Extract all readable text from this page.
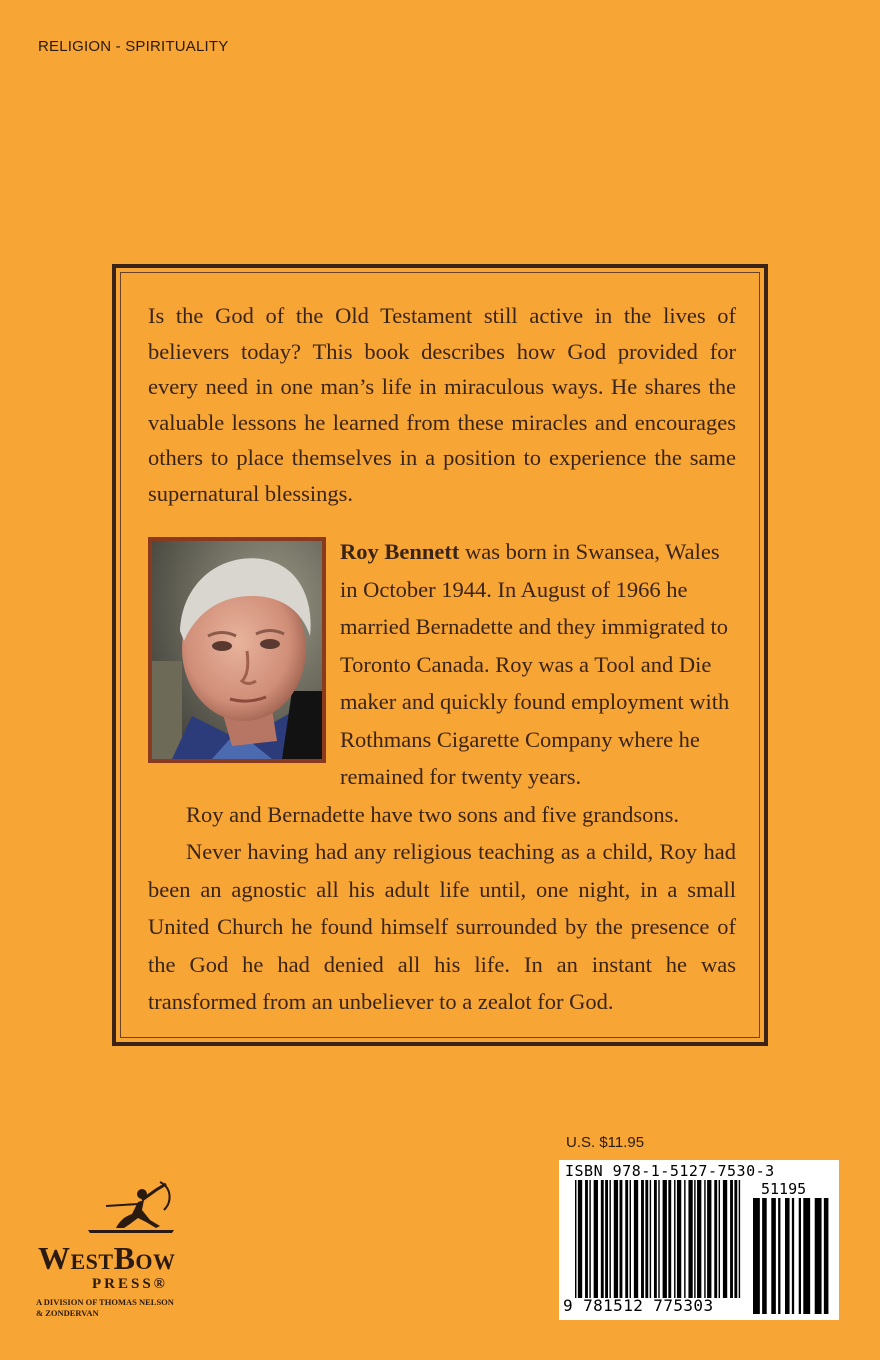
RELIGION - SPIRITUALITY

Is the God of the Old Testament still active in the lives of believers today? This book describes how God provided for every need in one man’s life in miraculous ways. He shares the valuable lessons he learned from these miracles and encourages others to place themselves in a position to experience the same supernatural blessings.

Roy Bennett was born in Swansea, Wales in October 1944. In August of 1966 he married Bernadette and they immigrated to Toronto Canada. Roy was a Tool and Die maker and quickly found employment with Rothmans Cigarette Company where he remained for twenty years.

Roy and Bernadette have two sons and five grandsons.

Never having had any religious teaching as a child, Roy had been an agnostic all his adult life until, one night, in a small United Church he found himself surrounded by the presence of the God he had denied all his life. In an instant he was transformed from an unbeliever to a zealot for God.

WestBow
PRESS®
A DIVISION OF THOMAS NELSON
& ZONDERVAN
U.S. $11.95
ISBN 978-1-5127-7530-3
51195
9 781512 775303
